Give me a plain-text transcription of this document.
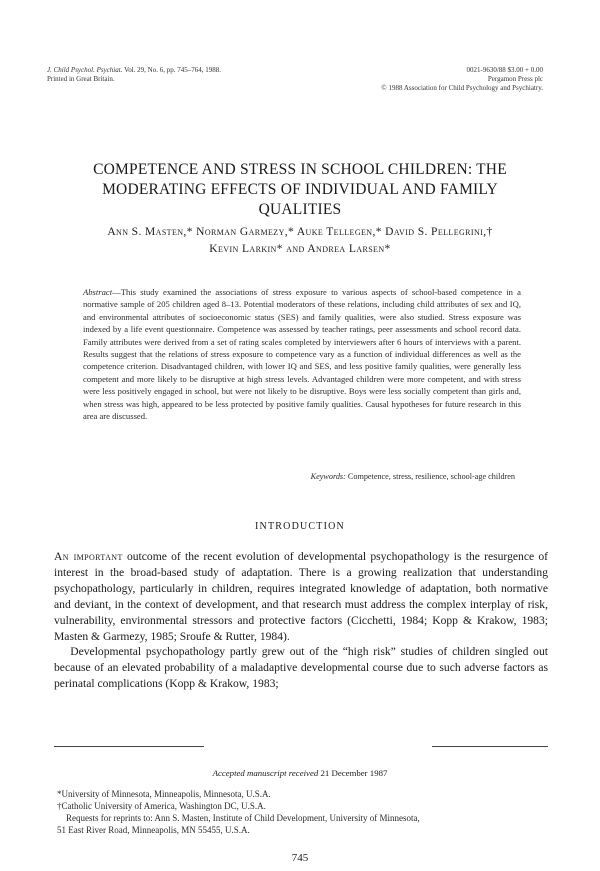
J. Child Psychol. Psychiat. Vol. 29, No. 6, pp. 745–764, 1988.
Printed in Great Britain.
0021-9630/88 $3.00 + 0.00
Pergamon Press plc
© 1988 Association for Child Psychology and Psychiatry.
COMPETENCE AND STRESS IN SCHOOL CHILDREN: THE
MODERATING EFFECTS OF INDIVIDUAL AND FAMILY
QUALITIES
Ann S. Masten,* Norman Garmezy,* Auke Tellegen,* David S. Pellegrini,†
Kevin Larkin* and Andrea Larsen*
Abstract—This study examined the associations of stress exposure to various aspects of school-based competence in a normative sample of 205 children aged 8–13. Potential moderators of these relations, including child attributes of sex and IQ, and environmental attributes of socioeconomic status (SES) and family qualities, were also studied. Stress exposure was indexed by a life event questionnaire. Competence was assessed by teacher ratings, peer assessments and school record data. Family attributes were derived from a set of rating scales completed by interviewers after 6 hours of interviews with a parent. Results suggest that the relations of stress exposure to competence vary as a function of individual differences as well as the competence criterion. Disadvantaged children, with lower IQ and SES, and less positive family qualities, were generally less competent and more likely to be disruptive at high stress levels. Advantaged children were more competent, and with stress were less positively engaged in school, but were not likely to be disruptive. Boys were less socially competent than girls and, when stress was high, appeared to be less protected by positive family qualities. Causal hypotheses for future research in this area are discussed.
Keywords: Competence, stress, resilience, school-age children
INTRODUCTION

An important outcome of the recent evolution of developmental psychopathology is the resurgence of interest in the broad-based study of adaptation. There is a growing realization that understanding psychopathology, particularly in children, requires integrated knowledge of adaptation, both normative and deviant, in the context of development, and that research must address the complex interplay of risk, vulnerability, environmental stressors and protective factors (Cicchetti, 1984; Kopp & Krakow, 1983; Masten & Garmezy, 1985; Sroufe & Rutter, 1984).

Developmental psychopathology partly grew out of the “high risk” studies of children singled out because of an elevated probability of a maladaptive developmental course due to such adverse factors as perinatal complications (Kopp & Krakow, 1983;

Accepted manuscript received 21 December 1987

*University of Minnesota, Minneapolis, Minnesota, U.S.A.

†Catholic University of America, Washington DC, U.S.A.

Requests for reprints to: Ann S. Masten, Institute of Child Development, University of Minnesota,

51 East River Road, Minneapolis, MN 55455, U.S.A.

745
